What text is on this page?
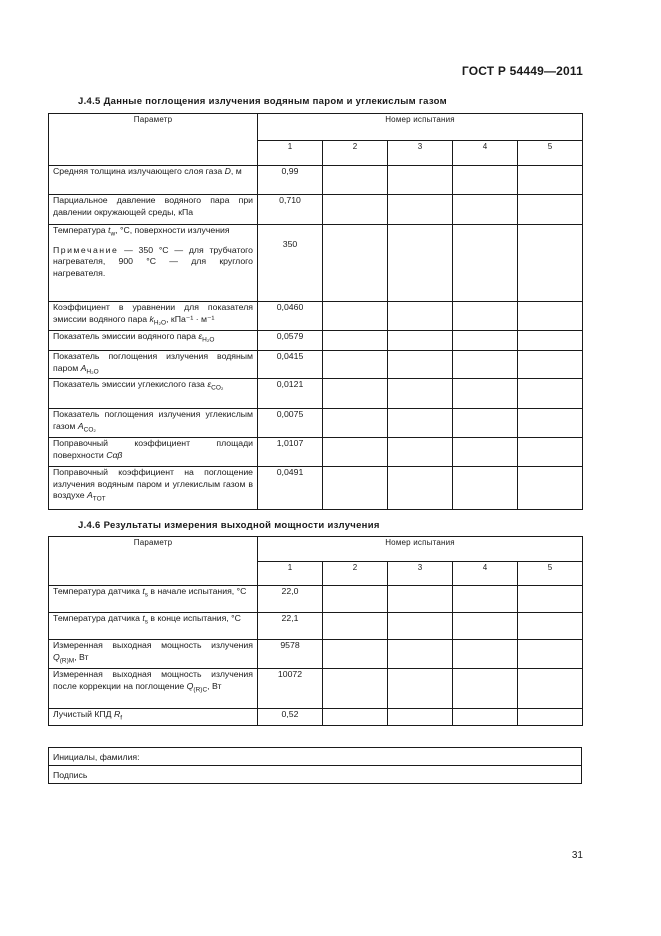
ГОСТ Р 54449—2011
J.4.5 Данные поглощения излучения водяным паром и углекислым газом
Параметр	Номер испытания				
	1	2	3	4	5
Средняя толщина излучающего слоя газа D, м	0,99				
Парциальное давление водяного пара при давлении окружающей среды, кПа	0,710				
Температура $t_w$, °С, поверхности излучения
Примечание — 350 °С — для трубчатого нагревателя, 900 °С — для круглого нагревателя.	350				
Коэффициент в уравнении для показателя эмиссии водяного пара $k_{H_2O}$, кПа⁻¹ · м⁻¹	0,0460				
Показатель эмиссии водяного пара $\varepsilon_{H_2O}$	0,0579				
Показатель поглощения излучения водяным паром $A_{H_2O}$	0,0415				
Показатель эмиссии углекислого газа $\varepsilon_{CO_2}$	0,0121				
Показатель поглощения излучения углекислым газом $A_{CO_2}$	0,0075				
Поправочный коэффициент площади поверхности Cαβ	1,0107				
Поправочный коэффициент на поглощение излучения водяным паром и углекислым газом в воздухе $A_{TOT}$	0,0491				
J.4.6 Результаты измерения выходной мощности излучения
Параметр	Номер испытания				
	1	2	3	4	5
Температура датчика $t_s$ в начале испытания, °С	22,0				
Температура датчика $t_s$ в конце испытания, °С	22,1				
Измеренная выходная мощность излучения $Q_{(R)M}$, Вт	9578				
Измеренная выходная мощность излучения после коррекции на поглощение $Q_{(R)C}$, Вт	10072				
Лучистый КПД $R_f$	0,52				
Инициалы, фамилия:
Подпись
31
